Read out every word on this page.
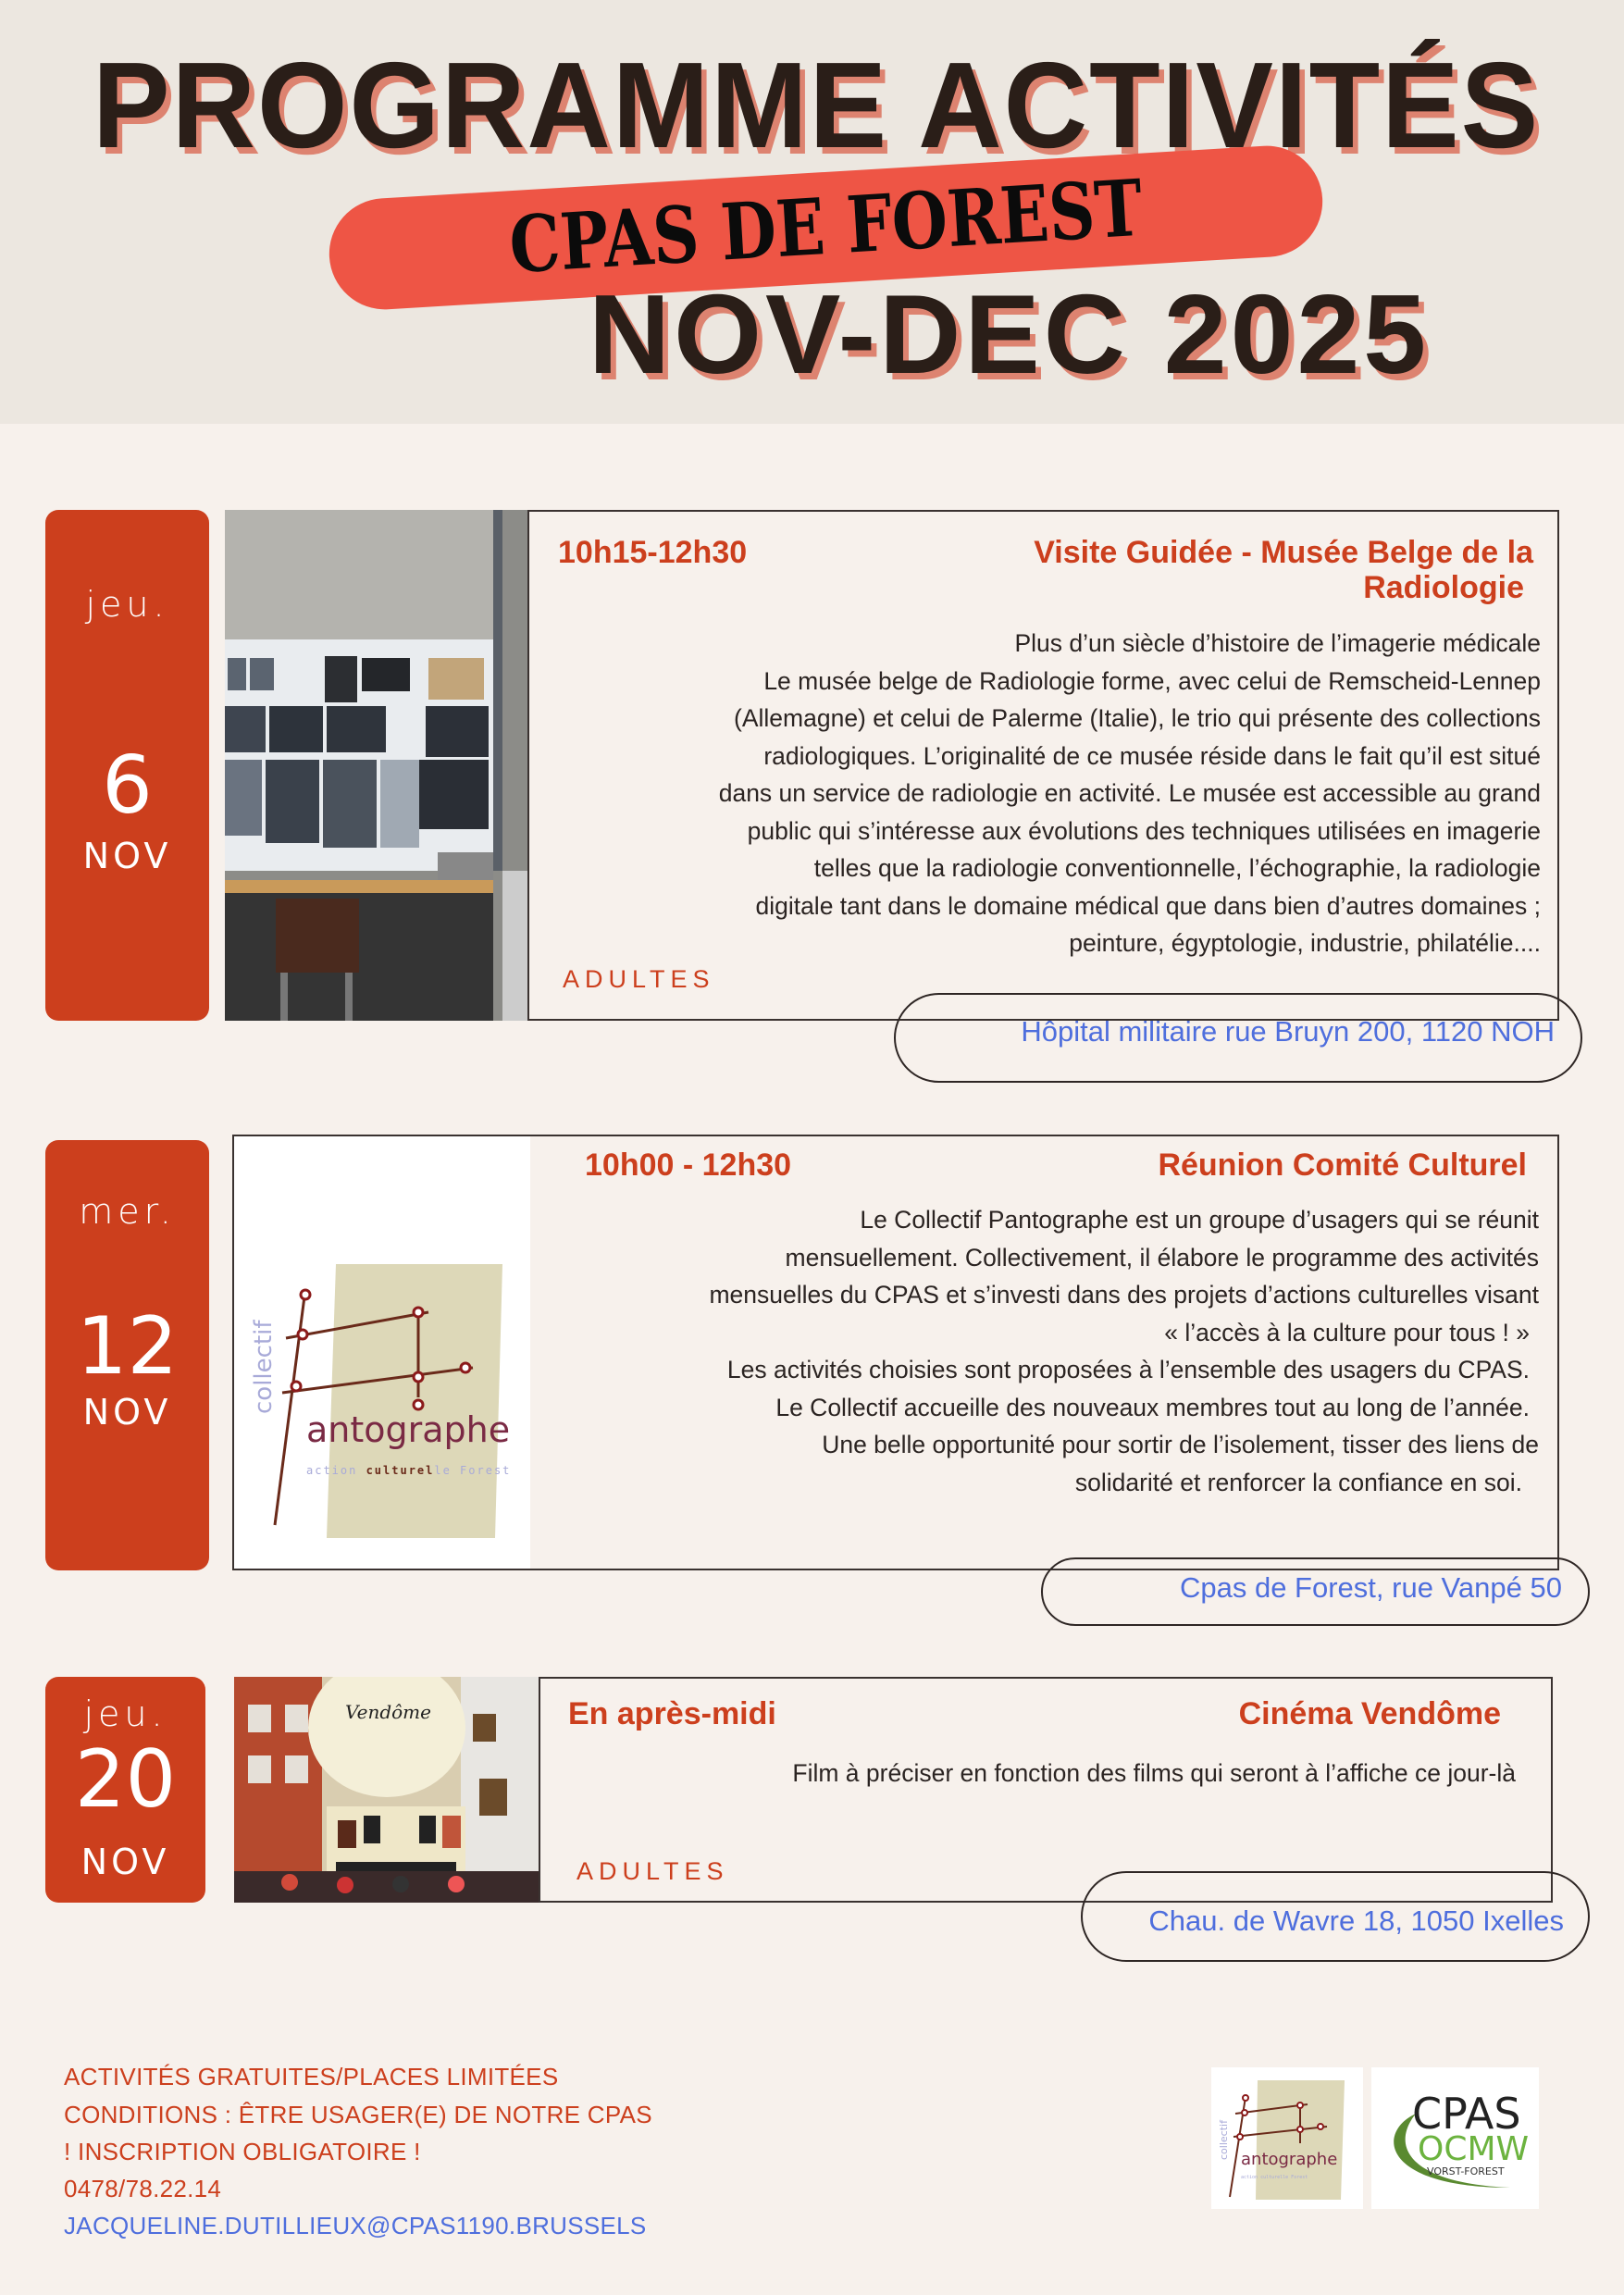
PROGRAMME ACTIVITÉS
CPAS DE FOREST
NOV-DEC 2025
jeu.
6
NOV
10h15-12h30	Visite Guidée - Musée Belge de la
Radiologie
Plus d’un siècle d’histoire de l’imagerie médicale
Le musée belge de Radiologie forme, avec celui de Remscheid-Lennep
(Allemagne) et celui de Palerme (Italie), le trio qui présente des collections
radiologiques. L’originalité de ce musée réside dans le fait qu’il est situé
dans un service de radiologie en activité. Le musée est accessible au grand
public qui s’intéresse aux évolutions des techniques utilisées en imagerie
telles que la radiologie conventionnelle, l’échographie, la radiologie
digitale tant dans le domaine médical que dans bien d’autres domaines ;
peinture, égyptologie, industrie, philatélie....
ADULTES
Hôpital militaire rue Bruyn 200, 1120 NOH
mer.
12
NOV	collectif
antographe
action culturelle Forest
10h00 - 12h30	Réunion Comité Culturel
Le Collectif Pantographe est un groupe d’usagers qui se réunit
mensuellement. Collectivement, il élabore le programme des activités
mensuelles du CPAS et s’investi dans des projets d’actions culturelles visant
« l’accès à la culture pour tous ! »
Les activités choisies sont proposées à l’ensemble des usagers du CPAS.
Le Collectif accueille des nouveaux membres tout au long de l’année.
Une belle opportunité pour sortir de l’isolement, tisser des liens de
solidarité et renforcer la confiance en soi.
Cpas de Forest, rue Vanpé 50
jeu.
20
NOV
Vendôme	En après-midi	Cinéma Vendôme
Film à préciser en fonction des films qui seront à l’affiche ce jour-là
ADULTES
Chau. de Wavre 18, 1050 Ixelles
ACTIVITÉS GRATUITES/PLACES LIMITÉES
CONDITIONS : ÊTRE USAGER(E) DE NOTRE CPAS
! INSCRIPTION OBLIGATOIRE !
0478/78.22.14
JACQUELINE.DUTILLIEUX@CPAS1190.BRUSSELS
collectif antographe
action culturelle Forest
CPAS
OCMW
VORST-FOREST
